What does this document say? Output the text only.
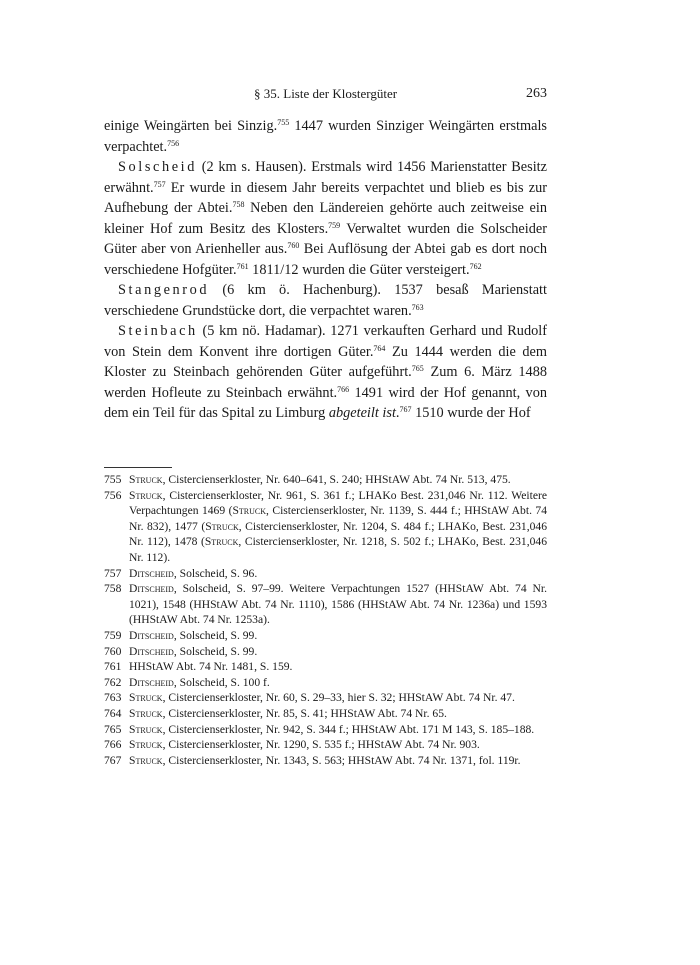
§ 35. Liste der Klostergüter	263

einige Weingärten bei Sinzig.$^{755}$ 1447 wurden Sinziger Weingärten erstmals verpachtet.$^{756}$

Solscheid (2 km s. Hausen). Erstmals wird 1456 Marienstatter Besitz erwähnt.$^{757}$ Er wurde in diesem Jahr bereits verpachtet und blieb es bis zur Aufhebung der Abtei.$^{758}$ Neben den Ländereien gehörte auch zeitweise ein kleiner Hof zum Besitz des Klosters.$^{759}$ Verwaltet wurden die Solscheider Güter aber von Arienheller aus.$^{760}$ Bei Auflösung der Abtei gab es dort noch verschiedene Hofgüter.$^{761}$ 1811/12 wurden die Güter versteigert.$^{762}$

Stangenrod (6 km ö. Hachenburg). 1537 besaß Marienstatt verschiedene Grundstücke dort, die verpachtet waren.$^{763}$

Steinbach (5 km nö. Hadamar). 1271 verkauften Gerhard und Rudolf von Stein dem Konvent ihre dortigen Güter.$^{764}$ Zu 1444 werden die dem Kloster zu Steinbach gehörenden Güter aufgeführt.$^{765}$ Zum 6. März 1488 werden Hofleute zu Steinbach erwähnt.$^{766}$ 1491 wird der Hof genannt, von dem ein Teil für das Spital zu Limburg abgeteilt ist.$^{767}$ 1510 wurde der Hof

755 Struck, Cistercienserkloster, Nr. 640–641, S. 240; HHStAW Abt. 74 Nr. 513, 475.
756 Struck, Cistercienserkloster, Nr. 961, S. 361 f.; LHAKo Best. 231,046 Nr. 112. Weitere Verpachtungen 1469 (Struck, Cistercienserkloster, Nr. 1139, S. 444 f.; HHStAW Abt. 74 Nr. 832), 1477 (Struck, Cistercienserkloster, Nr. 1204, S. 484 f.; LHAKo, Best. 231,046 Nr. 112), 1478 (Struck, Cistercienserkloster, Nr. 1218, S. 502 f.; LHAKo, Best. 231,046 Nr. 112).
757 Ditscheid, Solscheid, S. 96.
758 Ditscheid, Solscheid, S. 97–99. Weitere Verpachtungen 1527 (HHStAW Abt. 74 Nr. 1021), 1548 (HHStAW Abt. 74 Nr. 1110), 1586 (HHStAW Abt. 74 Nr. 1236a) und 1593 (HHStAW Abt. 74 Nr. 1253a).
759 Ditscheid, Solscheid, S. 99.
760 Ditscheid, Solscheid, S. 99.
761 HHStAW Abt. 74 Nr. 1481, S. 159.
762 Ditscheid, Solscheid, S. 100 f.
763 Struck, Cistercienserkloster, Nr. 60, S. 29–33, hier S. 32; HHStAW Abt. 74 Nr. 47.
764 Struck, Cistercienserkloster, Nr. 85, S. 41; HHStAW Abt. 74 Nr. 65.
765 Struck, Cistercienserkloster, Nr. 942, S. 344 f.; HHStAW Abt. 171 M 143, S. 185–188.
766 Struck, Cistercienserkloster, Nr. 1290, S. 535 f.; HHStAW Abt. 74 Nr. 903.
767 Struck, Cistercienserkloster, Nr. 1343, S. 563; HHStAW Abt. 74 Nr. 1371, fol. 119r.
